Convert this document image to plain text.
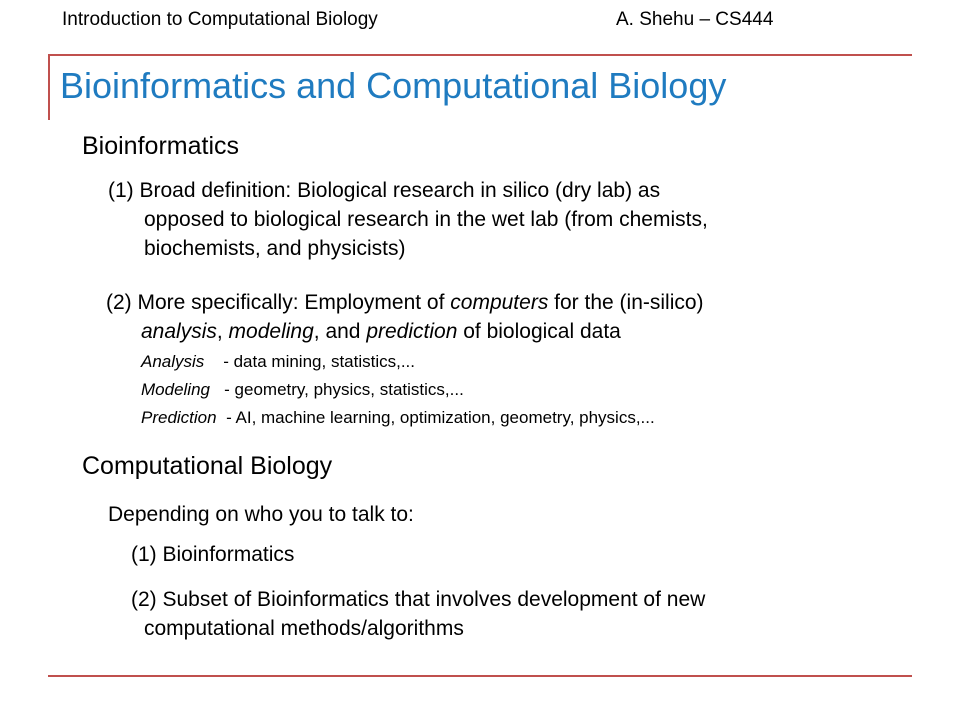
Introduction to Computational Biology	A. Shehu – CS444
Bioinformatics and Computational Biology
Bioinformatics
(1) Broad definition: Biological research in silico (dry lab) as
opposed to biological research in the wet lab (from chemists,
biochemists, and physicists)
(2) More specifically: Employment of computers for the (in-silico)
analysis, modeling, and prediction of biological data
Analysis - data mining, statistics,...
Modeling - geometry, physics, statistics,...
Prediction - AI, machine learning, optimization, geometry, physics,...
Computational Biology
Depending on who you to talk to:
(1) Bioinformatics
(2) Subset of Bioinformatics that involves development of new
computational methods/algorithms
